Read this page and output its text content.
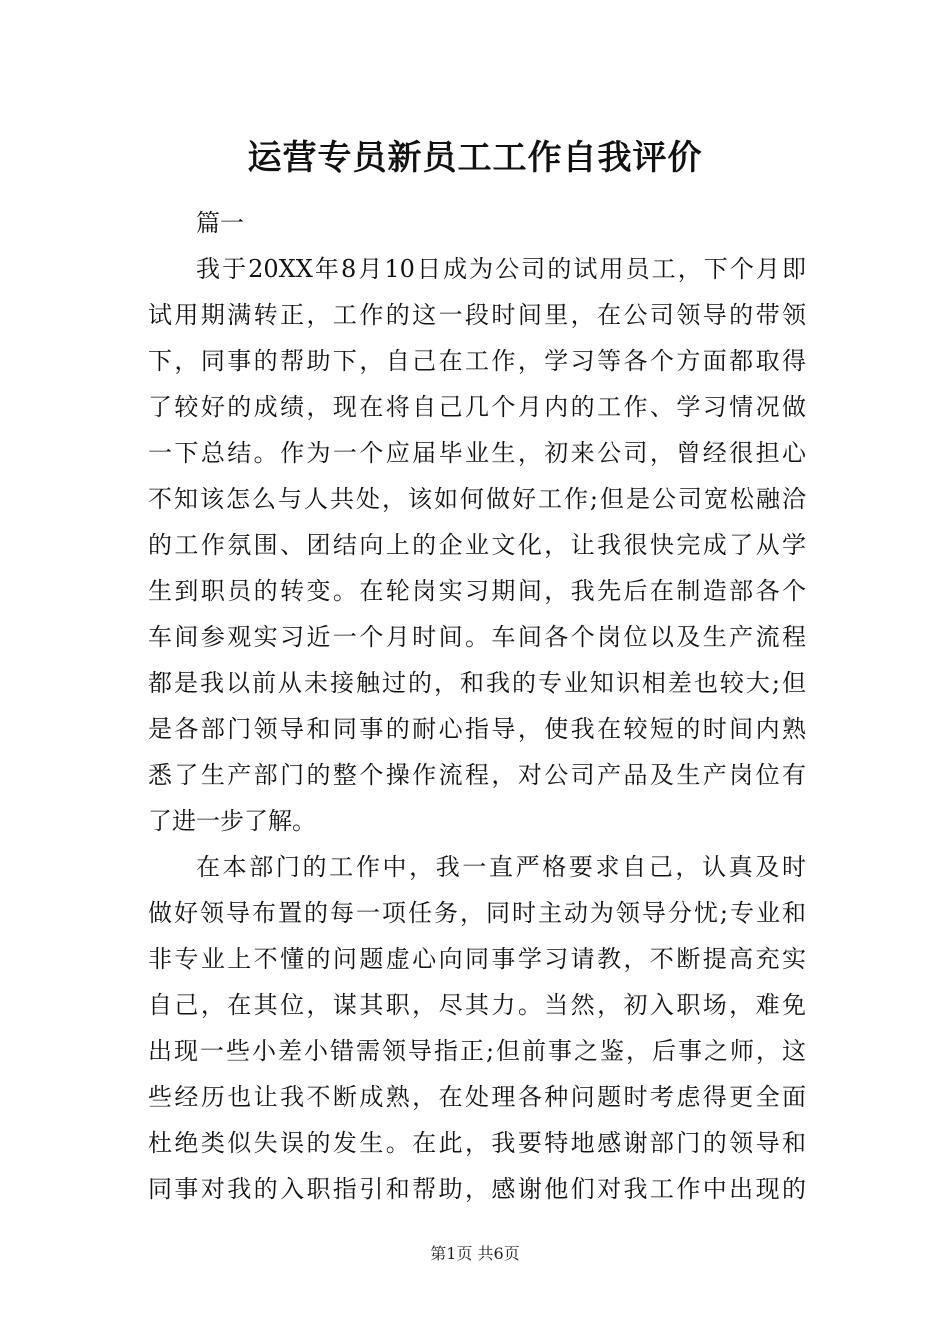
运营专员新员工工作自我评价
篇一
我于20XX年8月10日成为公司的试用员工，下个月即
试用期满转正，工作的这一段时间里，在公司领导的带领
下，同事的帮助下，自己在工作，学习等各个方面都取得
了较好的成绩，现在将自己几个月内的工作、学习情况做
一下总结。作为一个应届毕业生，初来公司，曾经很担心
不知该怎么与人共处，该如何做好工作;但是公司宽松融洽
的工作氛围、团结向上的企业文化，让我很快完成了从学
生到职员的转变。在轮岗实习期间，我先后在制造部各个
车间参观实习近一个月时间。车间各个岗位以及生产流程
都是我以前从未接触过的，和我的专业知识相差也较大;但
是各部门领导和同事的耐心指导，使我在较短的时间内熟
悉了生产部门的整个操作流程，对公司产品及生产岗位有
了进一步了解。
在本部门的工作中，我一直严格要求自己，认真及时
做好领导布置的每一项任务，同时主动为领导分忧;专业和
非专业上不懂的问题虚心向同事学习请教，不断提高充实
自己，在其位，谋其职，尽其力。当然，初入职场，难免
出现一些小差小错需领导指正;但前事之鉴，后事之师，这
些经历也让我不断成熟，在处理各种问题时考虑得更全面
杜绝类似失误的发生。在此，我要特地感谢部门的领导和
同事对我的入职指引和帮助，感谢他们对我工作中出现的
第1页 共6页
